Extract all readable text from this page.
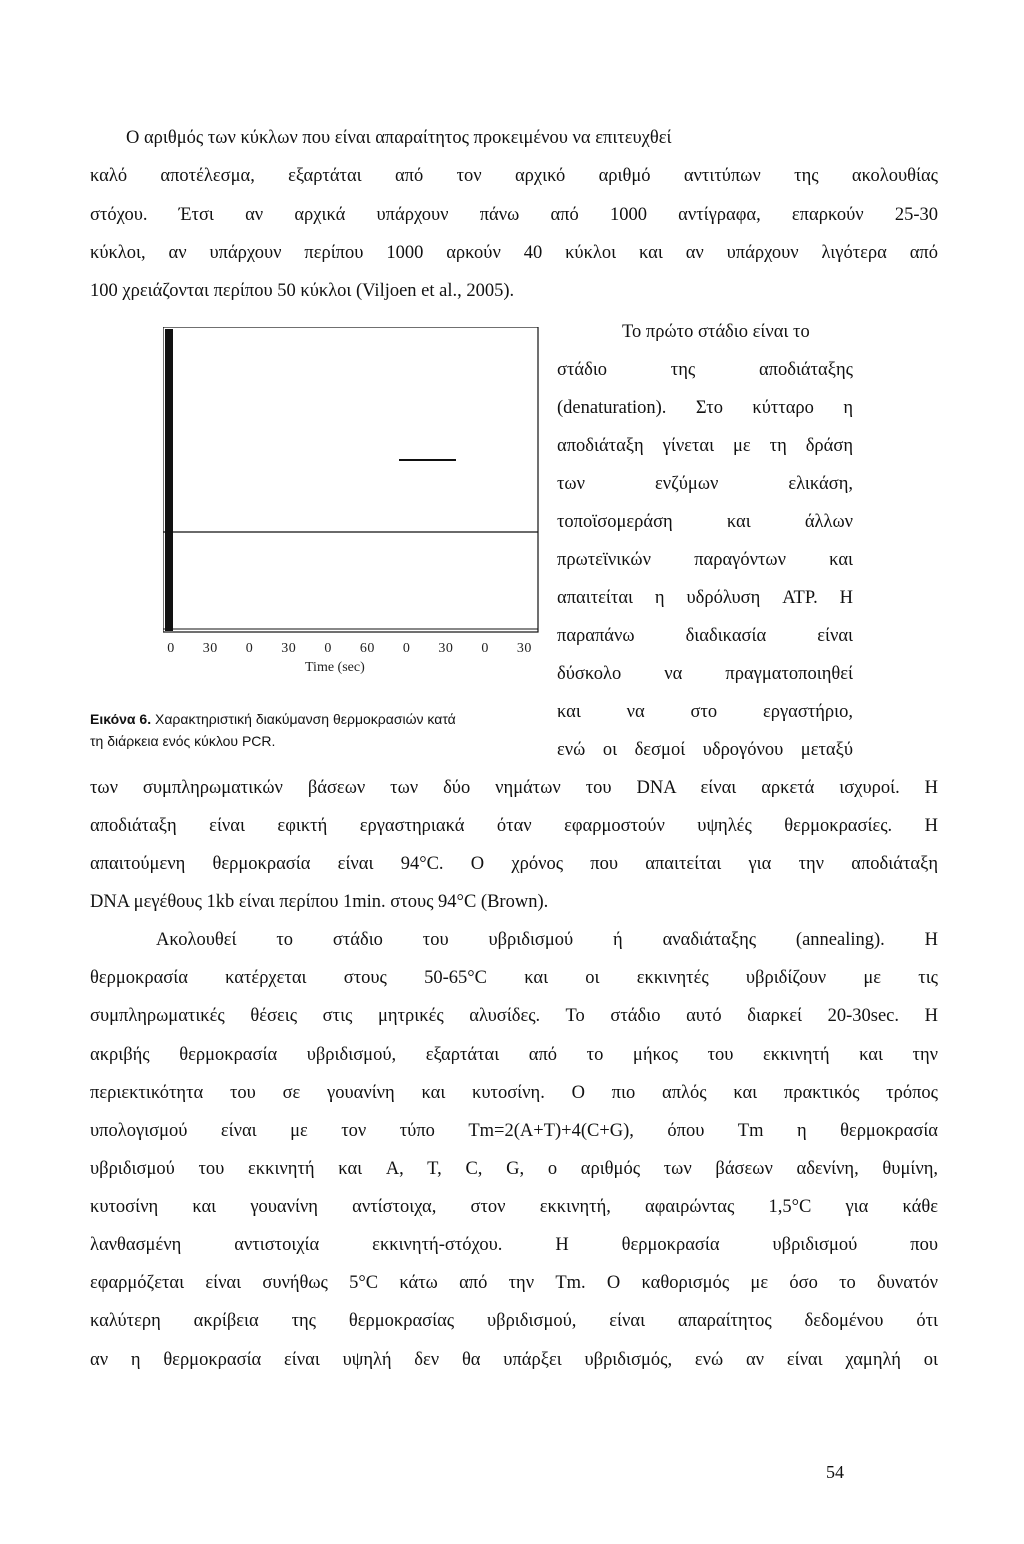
Ο αριθμός των κύκλων που είναι απαραίτητος προκειμένου να επιτευχθεί
καλό αποτέλεσμα, εξαρτάται από τον αρχικό αριθμό αντιτύπων της ακολουθίας
στόχου. Έτσι αν αρχικά υπάρχουν πάνω από 1000 αντίγραφα, επαρκούν 25-30
κύκλοι, αν υπάρχουν περίπου 1000 αρκούν 40 κύκλοι και αν υπάρχουν λιγότερα από
100 χρειάζονται περίπου 50 κύκλοι (Viljoen et al., 2005).
0 30 0 30 0 60 0 30 0 30
Time (sec)
Εικόνα 6. Χαρακτηριστική διακύμανση θερμοκρασιών κατά
τη διάρκεια ενός κύκλου PCR.
Το πρώτο στάδιο είναι το
στάδιο της αποδιάταξης
(denaturation). Στο κύτταρο η
αποδιάταξη γίνεται με τη δράση
των ενζύμων ελικάση,
τοποϊσομεράση και άλλων
πρωτεϊνικών παραγόντων και
απαιτείται η υδρόλυση ATP. Η
παραπάνω διαδικασία είναι
δύσκολο να πραγματοποιηθεί
και να στο εργαστήριο,
ενώ οι δεσμοί υδρογόνου μεταξύ
των συμπληρωματικών βάσεων των δύο νημάτων του DNA είναι αρκετά ισχυροί. Η
αποδιάταξη είναι εφικτή εργαστηριακά όταν εφαρμοστούν υψηλές θερμοκρασίες. Η
απαιτούμενη θερμοκρασία είναι 94°C. Ο χρόνος που απαιτείται για την αποδιάταξη
DNA μεγέθους 1kb είναι περίπου 1min. στους 94°C (Brown).
Ακολουθεί το στάδιο του υβριδισμού ή αναδιάταξης (annealing). Η
θερμοκρασία κατέρχεται στους 50-65°C και οι εκκινητές υβριδίζουν με τις
συμπληρωματικές θέσεις στις μητρικές αλυσίδες. Το στάδιο αυτό διαρκεί 20-30sec. Η
ακριβής θερμοκρασία υβριδισμού, εξαρτάται από το μήκος του εκκινητή και την
περιεκτικότητα του σε γουανίνη και κυτοσίνη. Ο πιο απλός και πρακτικός τρόπος
υπολογισμού είναι με τον τύπο Tm=2(A+T)+4(C+G), όπου Tm η θερμοκρασία
υβριδισμού του εκκινητή και A, T, C, G, ο αριθμός των βάσεων αδενίνη, θυμίνη,
κυτοσίνη και γουανίνη αντίστοιχα, στον εκκινητή, αφαιρώντας 1,5°C για κάθε
λανθασμένη αντιστοιχία εκκινητή-στόχου. Η θερμοκρασία υβριδισμού που
εφαρμόζεται είναι συνήθως 5°C κάτω από την Tm. Ο καθορισμός με όσο το δυνατόν
καλύτερη ακρίβεια της θερμοκρασίας υβριδισμού, είναι απαραίτητος δεδομένου ότι
αν η θερμοκρασία είναι υψηλή δεν θα υπάρξει υβριδισμός, ενώ αν είναι χαμηλή οι
54
